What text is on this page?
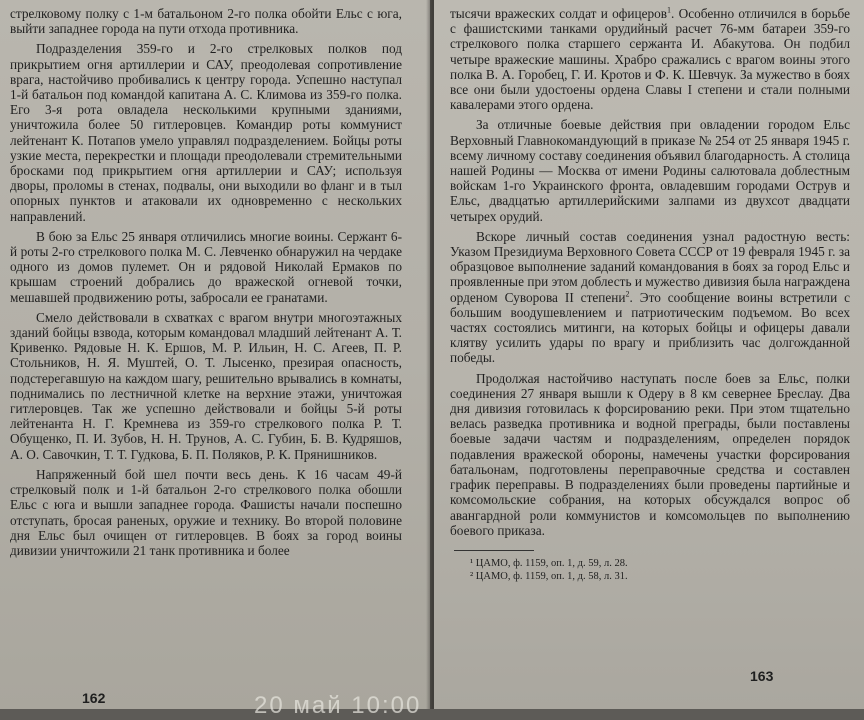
стрелковому полку с 1-м батальоном 2-го полка обойти Ельс с юга, выйти западнее города на пути отхода противника.

Подразделения 359-го и 2-го стрелковых полков под прикрытием огня артиллерии и САУ, преодолевая сопротивление врага, настойчиво пробивались к центру города. Успешно наступал 1-й батальон под командой капитана А. С. Климова из 359-го полка. Его 3-я рота овладела несколькими крупными зданиями, уничтожила более 50 гитлеровцев. Командир роты коммунист лейтенант К. Потапов умело управлял подразделением. Бойцы роты узкие места, перекрестки и площади преодолевали стремительными бросками под прикрытием огня артиллерии и САУ; используя дворы, проломы в стенах, подвалы, они выходили во фланг и в тыл опорных пунктов и атаковали их одновременно с нескольких направлений.

В бою за Ельс 25 января отличились многие воины. Сержант 6-й роты 2-го стрелкового полка М. С. Левченко обнаружил на чердаке одного из домов пулемет. Он и рядовой Николай Ермаков по крышам строений добрались до вражеской огневой точки, мешавшей продвижению роты, забросали ее гранатами.

Смело действовали в схватках с врагом внутри многоэтажных зданий бойцы взвода, которым командовал младший лейтенант А. Т. Кривенко. Рядовые Н. К. Ершов, М. Р. Ильин, Н. С. Агеев, П. Р. Стольников, Н. Я. Муштей, О. Т. Лысенко, презирая опасность, подстерегавшую на каждом шагу, решительно врывались в комнаты, поднимались по лестничной клетке на верхние этажи, уничтожая гитлеровцев. Так же успешно действовали и бойцы 5-й роты лейтенанта Н. Г. Кремнева из 359-го стрелкового полка Р. Т. Обущенко, П. И. Зубов, Н. Н. Трунов, А. С. Губин, Б. В. Кудряшов, А. О. Савочкин, Т. Т. Гудкова, Б. П. Поляков, Р. К. Прянишников.

Напряженный бой шел почти весь день. К 16 часам 49-й стрелковый полк и 1-й батальон 2-го стрелкового полка обошли Ельс с юга и вышли западнее города. Фашисты начали поспешно отступать, бросая раненых, оружие и технику. Во второй половине дня Ельс был очищен от гитлеровцев. В боях за город воины дивизии уничтожили 21 танк противника и более

162

тысячи вражеских солдат и офицеров$^1$. Особенно отличился в борьбе с фашистскими танками орудийный расчет 76-мм батареи 359-го стрелкового полка старшего сержанта И. Абакутова. Он подбил четыре вражеские машины. Храбро сражались с врагом воины этого полка В. А. Горобец, Г. И. Кротов и Ф. К. Шевчук. За мужество в боях все они были удостоены ордена Славы I степени и стали полными кавалерами этого ордена.

За отличные боевые действия при овладении городом Ельс Верховный Главнокомандующий в приказе № 254 от 25 января 1945 г. всему личному составу соединения объявил благодарность. А столица нашей Родины — Москва от имени Родины салютовала доблестным войскам 1-го Украинского фронта, овладевшим городами Острув и Ельс, двадцатью артиллерийскими залпами из двухсот двадцати четырех орудий.

Вскоре личный состав соединения узнал радостную весть: Указом Президиума Верховного Совета СССР от 19 февраля 1945 г. за образцовое выполнение заданий командования в боях за город Ельс и проявленные при этом доблесть и мужество дивизия была награждена орденом Суворова II степени$^2$. Это сообщение воины встретили с большим воодушевлением и патриотическим подъемом. Во всех частях состоялись митинги, на которых бойцы и офицеры давали клятву усилить удары по врагу и приблизить час долгожданной победы.

Продолжая настойчиво наступать после боев за Ельс, полки соединения 27 января вышли к Одеру в 8 км севернее Бреслау. Два дня дивизия готовилась к форсированию реки. При этом тщательно велась разведка противника и водной преграды, были поставлены боевые задачи частям и подразделениям, определен порядок подавления вражеской обороны, намечены участки форсирования батальонам, подготовлены переправочные средства и составлен график переправы. В подразделениях были проведены партийные и комсомольские собрания, на которых обсуждался вопрос об авангардной роли коммунистов и комсомольцев по выполнению боевого приказа.

¹ ЦАМО, ф. 1159, оп. 1, д. 59, л. 28.
² ЦАМО, ф. 1159, оп. 1, д. 58, л. 31.
163
20 май 10:00
